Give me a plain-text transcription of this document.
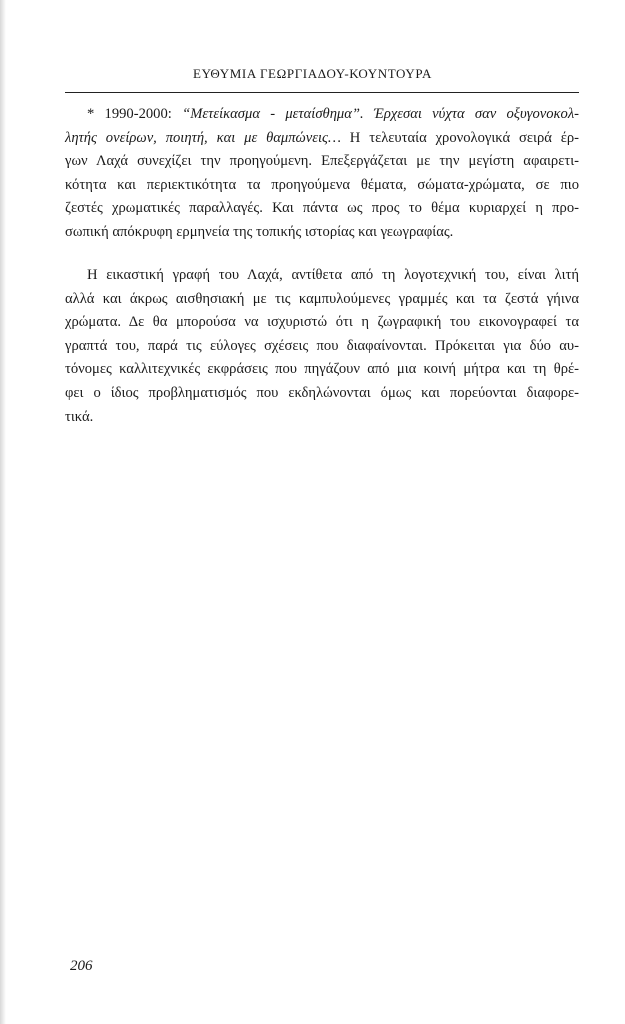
ΕΥΘΥΜΙΑ ΓΕΩΡΓΙΑΔΟΥ-ΚΟΥΝΤΟΥΡΑ
* 1990-2000: “Μετείκασμα - μεταίσθημα”. Έρχεσαι νύχτα σαν οξυγονοκολ-
λητής ονείρων, ποιητή, και με θαμπώνεις… Η τελευταία χρονολογικά σειρά έρ-
γων Λαχά συνεχίζει την προηγούμενη. Επεξεργάζεται με την μεγίστη αφαιρετι-
κότητα και περιεκτικότητα τα προηγούμενα θέματα, σώματα-χρώματα, σε πιο
ζεστές χρωματικές παραλλαγές. Και πάντα ως προς το θέμα κυριαρχεί η προ-
σωπική απόκρυφη ερμηνεία της τοπικής ιστορίας και γεωγραφίας.
Η εικαστική γραφή του Λαχά, αντίθετα από τη λογοτεχνική του, είναι λιτή
αλλά και άκρως αισθησιακή με τις καμπυλούμενες γραμμές και τα ζεστά γήινα
χρώματα. Δε θα μπορούσα να ισχυριστώ ότι η ζωγραφική του εικονογραφεί τα
γραπτά του, παρά τις εύλογες σχέσεις που διαφαίνονται. Πρόκειται για δύο αυ-
τόνομες καλλιτεχνικές εκφράσεις που πηγάζουν από μια κοινή μήτρα και τη θρέ-
φει ο ίδιος προβληματισμός που εκδηλώνονται όμως και πορεύονται διαφορε-
τικά.
206
